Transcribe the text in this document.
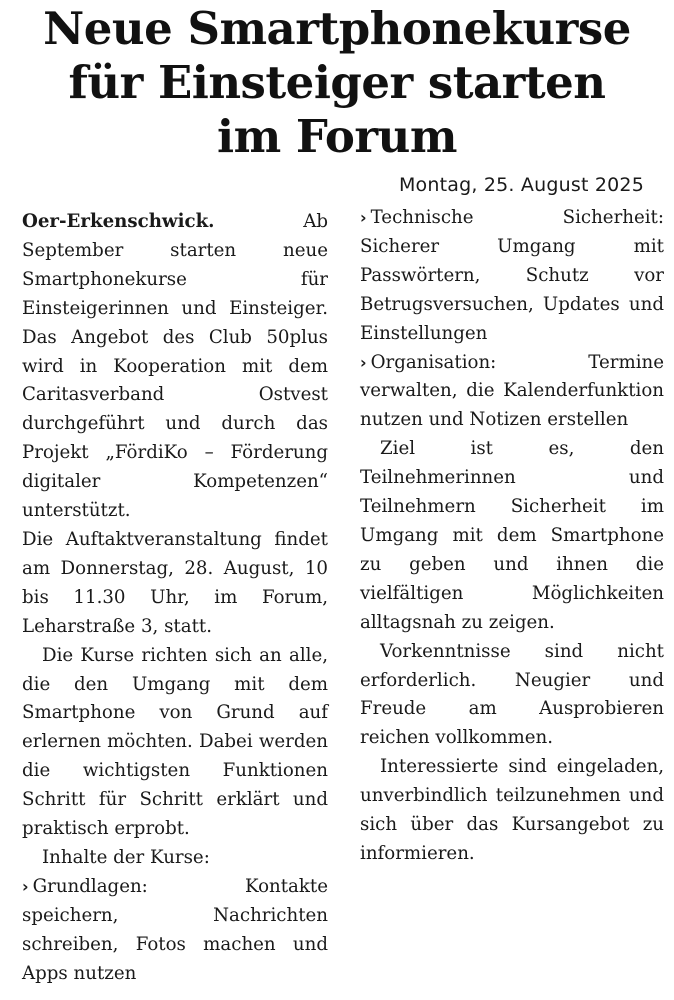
Neue Smartphonekurse
für Einsteiger starten
im Forum
Montag, 25. August 2025

Oer-Erkenschwick.	Ab September starten neue Smartphonekurse für Einsteigerinnen und Einsteiger. Das Angebot des Club 50plus wird in Kooperation mit dem Caritasverband Ostvest durchgeführt und durch das Projekt „FördiKo – Förderung digitaler Kompetenzen“ unterstützt.

Die Auftaktveranstaltung findet am Donnerstag, 28. August, 10 bis 11.30 Uhr, im Forum, Leharstraße 3, statt.

Die Kurse richten sich an alle, die den Umgang mit dem Smartphone von Grund auf erlernen möchten. Dabei werden die wichtigsten Funktionen Schritt für Schritt erklärt und praktisch erprobt.

Inhalte der Kurse:

› Grundlagen: Kontakte speichern, Nachrichten schreiben, Fotos machen und Apps nutzen

› Technische Sicherheit: Sicherer Umgang mit Passwörtern, Schutz vor Betrugsversuchen, Updates und Einstellungen

› Organisation: Termine verwalten, die Kalenderfunktion nutzen und Notizen erstellen

Ziel ist es, den Teilnehmerinnen und Teilnehmern Sicherheit im Umgang mit dem Smartphone zu geben und ihnen die vielfältigen Möglichkeiten alltagsnah zu zeigen.

Vorkenntnisse sind nicht erforderlich. Neugier und Freude am Ausprobieren reichen vollkommen.

Interessierte sind eingeladen, unverbindlich teilzunehmen und sich über das Kursangebot zu informieren.
